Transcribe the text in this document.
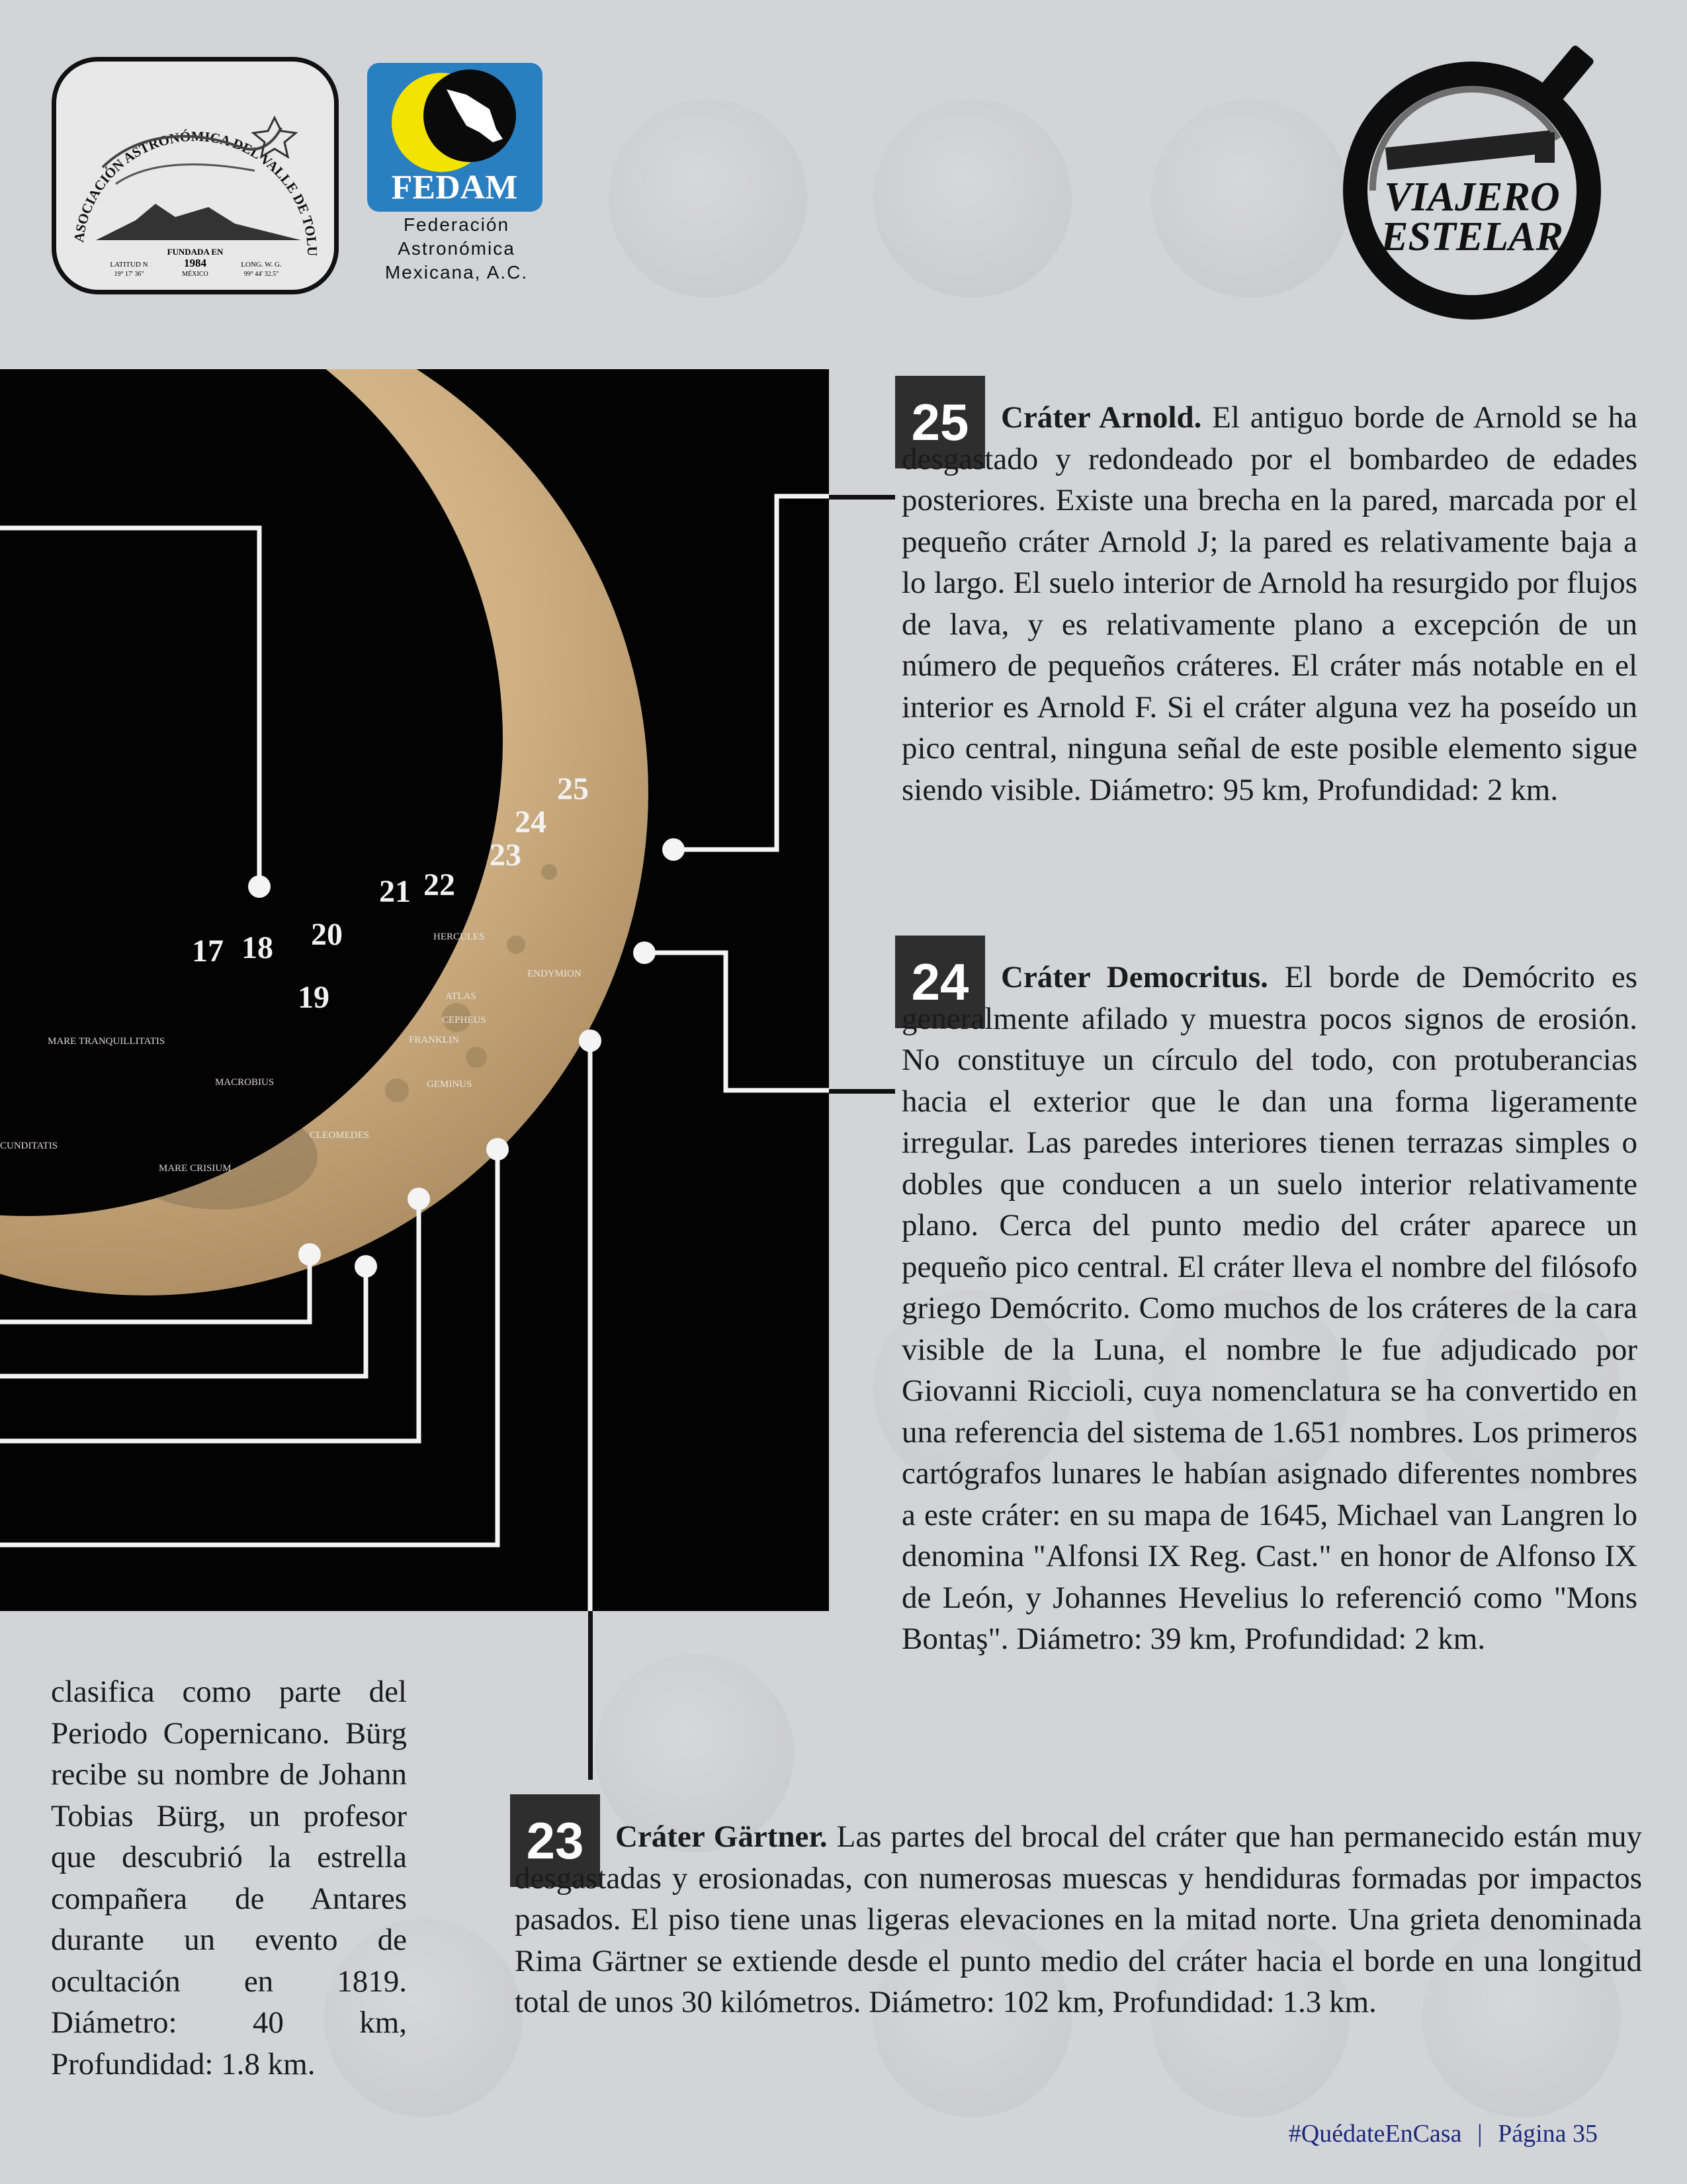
ASOCIACIÓN ASTRONÓMICA DEL VALLE DE TOLU
FUNDADA EN
1984
MÉXICO
LATITUD N
19° 17' 36"
LONG. W. G.
99° 44' 32.5"
FEDAM
Federación
Astronómica
Mexicana, A.C.
VIAJERO
ESTELAR
17 18
19
20
21 22
23
24
25
MARE TRANQUILLITATIS
MARE CRISIUM
CUNDITATIS
HERCULES
ATLAS
ENDYMION
CEPHEUS
FRANKLIN
MACROBIUS	GEMINUS
CLEOMEDES
25	Cráter Arnold. El antiguo borde de Arnold se ha desgastado y redondeado por el bombardeo de edades posteriores. Existe una brecha en la pared, marcada por el pequeño cráter Arnold J; la pared es relativamente baja a lo largo. El suelo interior de Arnold ha resurgido por flujos de lava, y es relativamente plano a excepción de un número de pequeños cráteres. El cráter más notable en el interior es Arnold F. Si el cráter alguna vez ha poseído un pico central, ninguna señal de este posible elemento sigue siendo visible. Diámetro: 95 km, Profundidad: 2 km.
24	Cráter Democritus. El borde de Demócrito es generalmente afilado y muestra pocos signos de erosión. No constituye un círculo del todo, con protuberancias hacia el exterior que le dan una forma ligeramente irregular. Las paredes interiores tienen terrazas simples o dobles que conducen a un suelo interior relativamente plano. Cerca del punto medio del cráter aparece un pequeño pico central. El cráter lleva el nombre del filósofo griego Demócrito. Como muchos de los cráteres de la cara visible de la Luna, el nombre le fue adjudicado por Giovanni Riccioli, cuya nomenclatura se ha convertido en una referencia del sistema de 1.651 nombres. Los primeros cartógrafos lunares le habían asignado diferentes nombres a este cráter: en su mapa de 1645, Michael van Langren lo denomina "Alfonsi IX Reg. Cast." en honor de Alfonso IX de León, y Johannes Hevelius lo referenció como "Mons Bontaş". Diámetro: 39 km, Profundidad: 2 km.
clasifica como parte del Periodo Copernicano. Bürg recibe su nombre de Johann Tobias Bürg, un profesor que descubrió la estrella compañera de Antares durante un evento de ocultación en 1819. Diámetro: 40 km, Profundidad: 1.8 km.
23	Cráter Gärtner. Las partes del brocal del cráter que han permanecido están muy desgastadas y erosionadas, con numerosas muescas y hendiduras formadas por impactos pasados. El piso tiene unas ligeras elevaciones en la mitad norte. Una grieta denominada Rima Gärtner se extiende desde el punto medio del cráter hacia el borde en una longitud total de unos 30 kilómetros. Diámetro: 102 km, Profundidad: 1.3 km.
#QuédateEnCasa | Página 35
